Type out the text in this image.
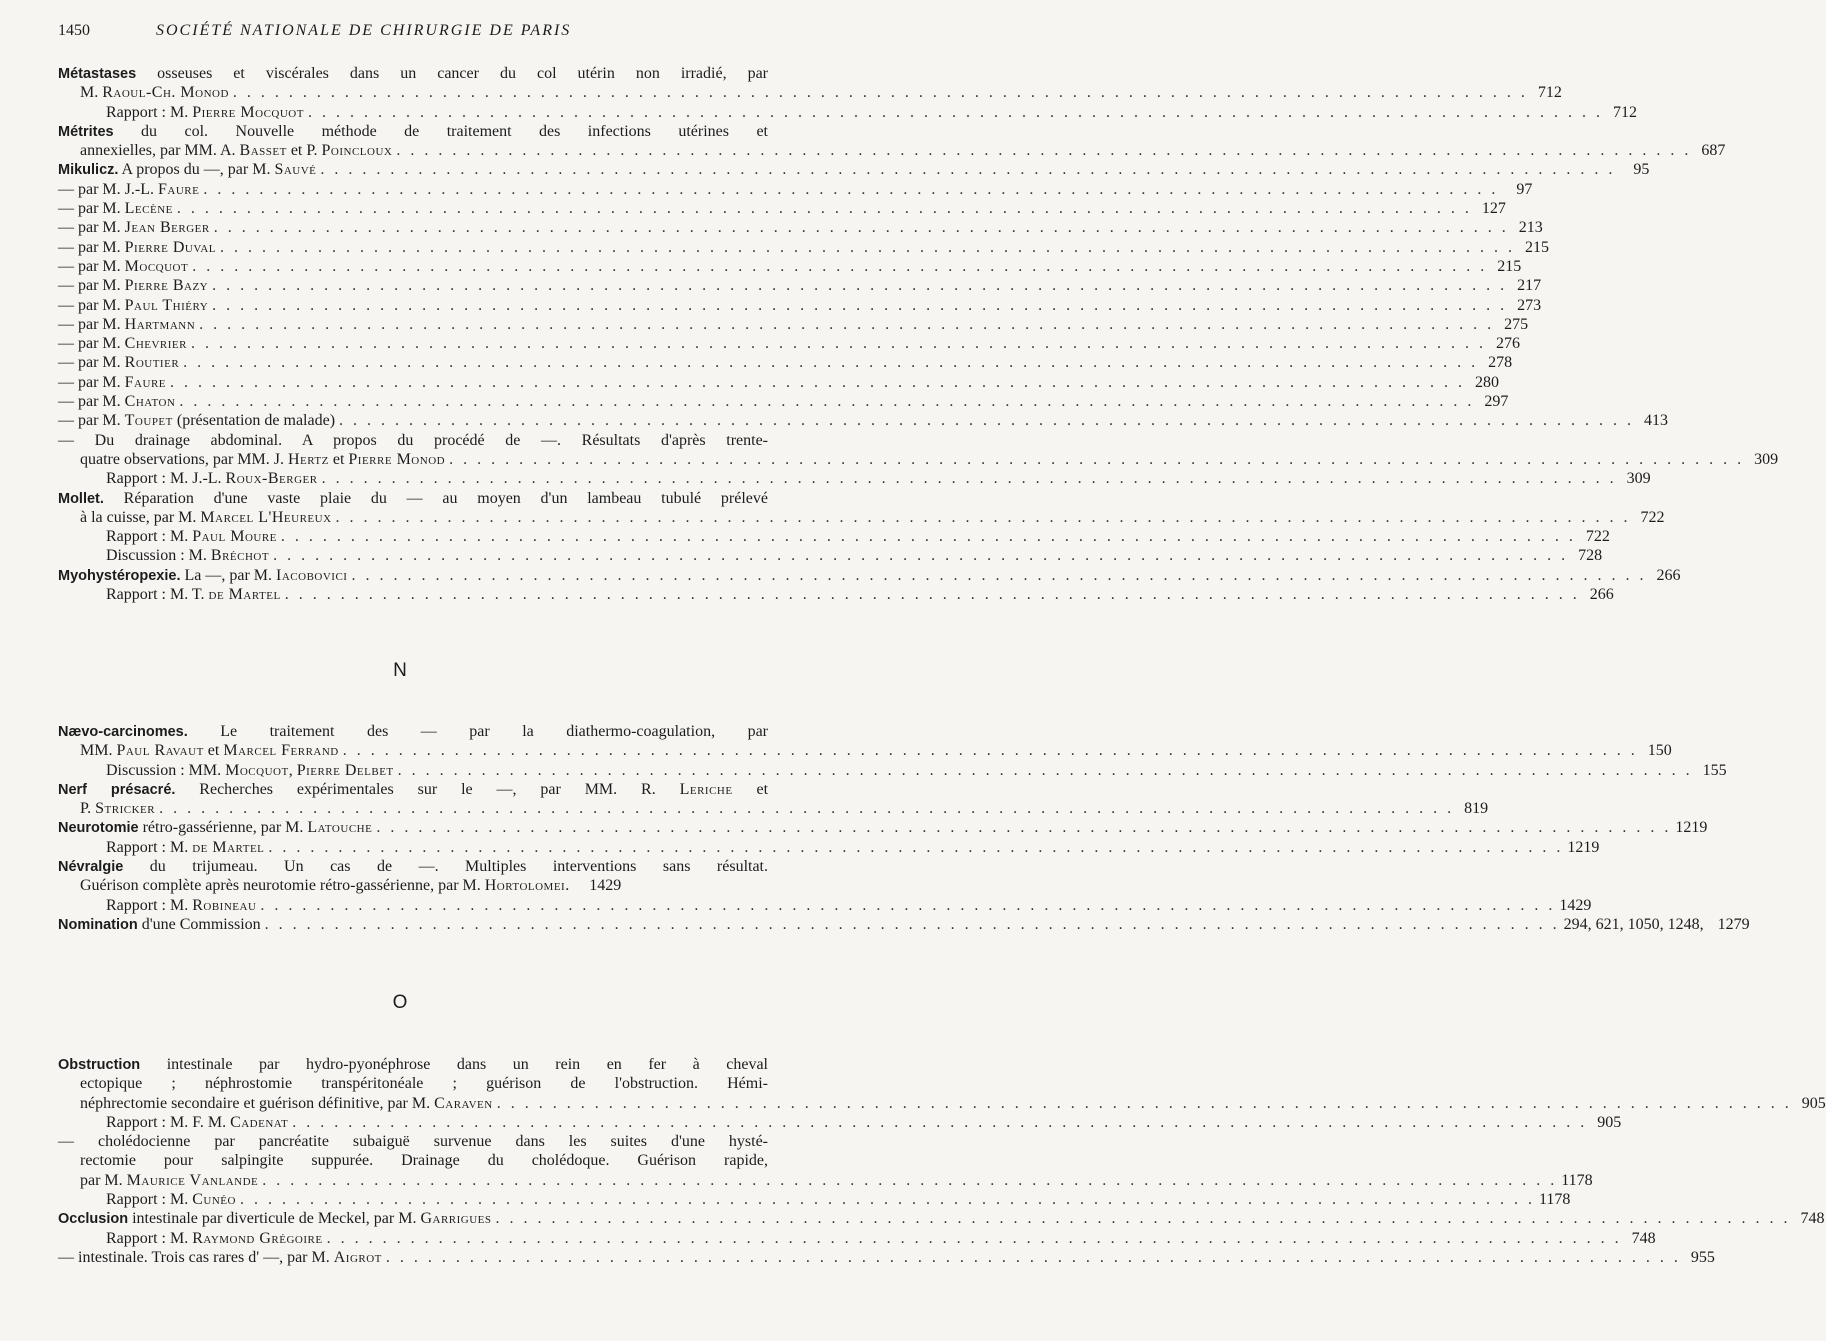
1450	SOCIÉTÉ NATIONALE DE CHIRURGIE DE PARIS
Métastases osseuses et viscérales dans un cancer du col utérin non irradié, par
M. Raoul-Ch. Monod . . . . . . . . . . . . . . . . . . . . . . . . . . . . . . . . . . . . . . . . . . . . . . . . . . . . . . . . . . . . . . . . . . . . . . . . . . . . . . . . . . . . . . . . . . . . . 712
Rapport : M. Pierre Mocquot . . . . . . . . . . . . . . . . . . . . . . . . . . . . . . . . . . . . . . . . . . . . . . . . . . . . . . . . . . . . . . . . . . . . . . . . . . . . . . . . . . . . . . . . . . . . . 712
Métrites du col. Nouvelle méthode de traitement des infections utérines et
annexielles, par MM. A. Basset et P. Poincloux . . . . . . . . . . . . . . . . . . . . . . . . . . . . . . . . . . . . . . . . . . . . . . . . . . . . . . . . . . . . . . . . . . . . . . . . . . . . . . . . . . . . . . . . . . . . . 687
Mikulicz. A propos du —, par M. Sauvé . . . . . . . . . . . . . . . . . . . . . . . . . . . . . . . . . . . . . . . . . . . . . . . . . . . . . . . . . . . . . . . . . . . . . . . . . . . . . . . . . . . . . . . . . . . . .	95
— par M. J.-L. Faure . . . . . . . . . . . . . . . . . . . . . . . . . . . . . . . . . . . . . . . . . . . . . . . . . . . . . . . . . . . . . . . . . . . . . . . . . . . . . . . . . . . . . . . . . . . . .	97
— par M. Lecène . . . . . . . . . . . . . . . . . . . . . . . . . . . . . . . . . . . . . . . . . . . . . . . . . . . . . . . . . . . . . . . . . . . . . . . . . . . . . . . . . . . . . . . . . . . . . 127
— par M. Jean Berger . . . . . . . . . . . . . . . . . . . . . . . . . . . . . . . . . . . . . . . . . . . . . . . . . . . . . . . . . . . . . . . . . . . . . . . . . . . . . . . . . . . . . . . . . . . . . 213
— par M. Pierre Duval . . . . . . . . . . . . . . . . . . . . . . . . . . . . . . . . . . . . . . . . . . . . . . . . . . . . . . . . . . . . . . . . . . . . . . . . . . . . . . . . . . . . . . . . . . . . . 215
— par M. Mocquot . . . . . . . . . . . . . . . . . . . . . . . . . . . . . . . . . . . . . . . . . . . . . . . . . . . . . . . . . . . . . . . . . . . . . . . . . . . . . . . . . . . . . . . . . . . . . 215
— par M. Pierre Bazy . . . . . . . . . . . . . . . . . . . . . . . . . . . . . . . . . . . . . . . . . . . . . . . . . . . . . . . . . . . . . . . . . . . . . . . . . . . . . . . . . . . . . . . . . . . . . 217
— par M. Paul Thiéry . . . . . . . . . . . . . . . . . . . . . . . . . . . . . . . . . . . . . . . . . . . . . . . . . . . . . . . . . . . . . . . . . . . . . . . . . . . . . . . . . . . . . . . . . . . . . 273
— par M. Hartmann . . . . . . . . . . . . . . . . . . . . . . . . . . . . . . . . . . . . . . . . . . . . . . . . . . . . . . . . . . . . . . . . . . . . . . . . . . . . . . . . . . . . . . . . . . . . . 275
— par M. Chevrier . . . . . . . . . . . . . . . . . . . . . . . . . . . . . . . . . . . . . . . . . . . . . . . . . . . . . . . . . . . . . . . . . . . . . . . . . . . . . . . . . . . . . . . . . . . . . 276
— par M. Routier . . . . . . . . . . . . . . . . . . . . . . . . . . . . . . . . . . . . . . . . . . . . . . . . . . . . . . . . . . . . . . . . . . . . . . . . . . . . . . . . . . . . . . . . . . . . . 278
— par M. Faure . . . . . . . . . . . . . . . . . . . . . . . . . . . . . . . . . . . . . . . . . . . . . . . . . . . . . . . . . . . . . . . . . . . . . . . . . . . . . . . . . . . . . . . . . . . . . 280
— par M. Chaton . . . . . . . . . . . . . . . . . . . . . . . . . . . . . . . . . . . . . . . . . . . . . . . . . . . . . . . . . . . . . . . . . . . . . . . . . . . . . . . . . . . . . . . . . . . . . 297
— par M. Toupet (présentation de malade) . . . . . . . . . . . . . . . . . . . . . . . . . . . . . . . . . . . . . . . . . . . . . . . . . . . . . . . . . . . . . . . . . . . . . . . . . . . . . . . . . . . . . . . . . . . . . 413
— Du drainage abdominal. A propos du procédé de —. Résultats d'après trente-
quatre observations, par MM. J. Hertz et Pierre Monod . . . . . . . . . . . . . . . . . . . . . . . . . . . . . . . . . . . . . . . . . . . . . . . . . . . . . . . . . . . . . . . . . . . . . . . . . . . . . . . . . . . . . . . . . . . . . 309
Rapport : M. J.-L. Roux-Berger . . . . . . . . . . . . . . . . . . . . . . . . . . . . . . . . . . . . . . . . . . . . . . . . . . . . . . . . . . . . . . . . . . . . . . . . . . . . . . . . . . . . . . . . . . . . . 309
Mollet. Réparation d'une vaste plaie du — au moyen d'un lambeau tubulé prélevé
à la cuisse, par M. Marcel L'Heureux . . . . . . . . . . . . . . . . . . . . . . . . . . . . . . . . . . . . . . . . . . . . . . . . . . . . . . . . . . . . . . . . . . . . . . . . . . . . . . . . . . . . . . . . . . . . . 722
Rapport : M. Paul Moure . . . . . . . . . . . . . . . . . . . . . . . . . . . . . . . . . . . . . . . . . . . . . . . . . . . . . . . . . . . . . . . . . . . . . . . . . . . . . . . . . . . . . . . . . . . . . 722
Discussion : M. Bréchot . . . . . . . . . . . . . . . . . . . . . . . . . . . . . . . . . . . . . . . . . . . . . . . . . . . . . . . . . . . . . . . . . . . . . . . . . . . . . . . . . . . . . . . . . . . . . 728
Myohystéropexie. La —, par M. Iacobovici . . . . . . . . . . . . . . . . . . . . . . . . . . . . . . . . . . . . . . . . . . . . . . . . . . . . . . . . . . . . . . . . . . . . . . . . . . . . . . . . . . . . . . . . . . . . . 266
Rapport : M. T. de Martel . . . . . . . . . . . . . . . . . . . . . . . . . . . . . . . . . . . . . . . . . . . . . . . . . . . . . . . . . . . . . . . . . . . . . . . . . . . . . . . . . . . . . . . . . . . . . 266
N
Nævo-carcinomes. Le traitement des — par la diathermo-coagulation, par
MM. Paul Ravaut et Marcel Ferrand . . . . . . . . . . . . . . . . . . . . . . . . . . . . . . . . . . . . . . . . . . . . . . . . . . . . . . . . . . . . . . . . . . . . . . . . . . . . . . . . . . . . . . . . . . . . . 150
Discussion : MM. Mocquot, Pierre Delbet . . . . . . . . . . . . . . . . . . . . . . . . . . . . . . . . . . . . . . . . . . . . . . . . . . . . . . . . . . . . . . . . . . . . . . . . . . . . . . . . . . . . . . . . . . . . . 155
Nerf présacré. Recherches expérimentales sur le —, par MM. R. Leriche et
P. Stricker . . . . . . . . . . . . . . . . . . . . . . . . . . . . . . . . . . . . . . . . . . . . . . . . . . . . . . . . . . . . . . . . . . . . . . . . . . . . . . . . . . . . . . . . . . . . . 819
Neurotomie rétro-gassérienne, par M. Latouche . . . . . . . . . . . . . . . . . . . . . . . . . . . . . . . . . . . . . . . . . . . . . . . . . . . . . . . . . . . . . . . . . . . . . . . . . . . . . . . . . . . . . . . . . . . . . 1219
Rapport : M. de Martel . . . . . . . . . . . . . . . . . . . . . . . . . . . . . . . . . . . . . . . . . . . . . . . . . . . . . . . . . . . . . . . . . . . . . . . . . . . . . . . . . . . . . . . . . . . . . 1219
Névralgie du trijumeau. Un cas de —. Multiples interventions sans résultat.
Guérison complète après neurotomie rétro-gassérienne, par M. Hortolomei. 1429
Rapport : M. Robineau . . . . . . . . . . . . . . . . . . . . . . . . . . . . . . . . . . . . . . . . . . . . . . . . . . . . . . . . . . . . . . . . . . . . . . . . . . . . . . . . . . . . . . . . . . . . . 1429
Nomination d'une Commission . . . . . . . . . . . . . . . . . . . . . . . . . . . . . . . . . . . . . . . . . . . . . . . . . . . . . . . . . . . . . . . . . . . . . . . . . . . . . . . . . . . . . . . . . . . . . 294, 621, 1050, 1248, 1279
O
Obstruction intestinale par hydro-pyonéphrose dans un rein en fer à cheval
ectopique ; néphrostomie transpéritonéale ; guérison de l'obstruction. Hémi-
néphrectomie secondaire et guérison définitive, par M. Caraven . . . . . . . . . . . . . . . . . . . . . . . . . . . . . . . . . . . . . . . . . . . . . . . . . . . . . . . . . . . . . . . . . . . . . . . . . . . . . . . . . . . . . . . . . . . . . 905
Rapport : M. F. M. Cadenat . . . . . . . . . . . . . . . . . . . . . . . . . . . . . . . . . . . . . . . . . . . . . . . . . . . . . . . . . . . . . . . . . . . . . . . . . . . . . . . . . . . . . . . . . . . . . 905
— cholédocienne par pancréatite subaiguë survenue dans les suites d'une hysté-
rectomie pour salpingite suppurée. Drainage du cholédoque. Guérison rapide,
par M. Maurice Vanlande . . . . . . . . . . . . . . . . . . . . . . . . . . . . . . . . . . . . . . . . . . . . . . . . . . . . . . . . . . . . . . . . . . . . . . . . . . . . . . . . . . . . . . . . . . . . . 1178
Rapport : M. Cunéo . . . . . . . . . . . . . . . . . . . . . . . . . . . . . . . . . . . . . . . . . . . . . . . . . . . . . . . . . . . . . . . . . . . . . . . . . . . . . . . . . . . . . . . . . . . . . 1178
Occlusion intestinale par diverticule de Meckel, par M. Garrigues . . . . . . . . . . . . . . . . . . . . . . . . . . . . . . . . . . . . . . . . . . . . . . . . . . . . . . . . . . . . . . . . . . . . . . . . . . . . . . . . . . . . . . . . . . . . . 748
Rapport : M. Raymond Grégoire . . . . . . . . . . . . . . . . . . . . . . . . . . . . . . . . . . . . . . . . . . . . . . . . . . . . . . . . . . . . . . . . . . . . . . . . . . . . . . . . . . . . . . . . . . . . . 748
— intestinale. Trois cas rares d' —, par M. Aigrot . . . . . . . . . . . . . . . . . . . . . . . . . . . . . . . . . . . . . . . . . . . . . . . . . . . . . . . . . . . . . . . . . . . . . . . . . . . . . . . . . . . . . . . . . . . . . 955
